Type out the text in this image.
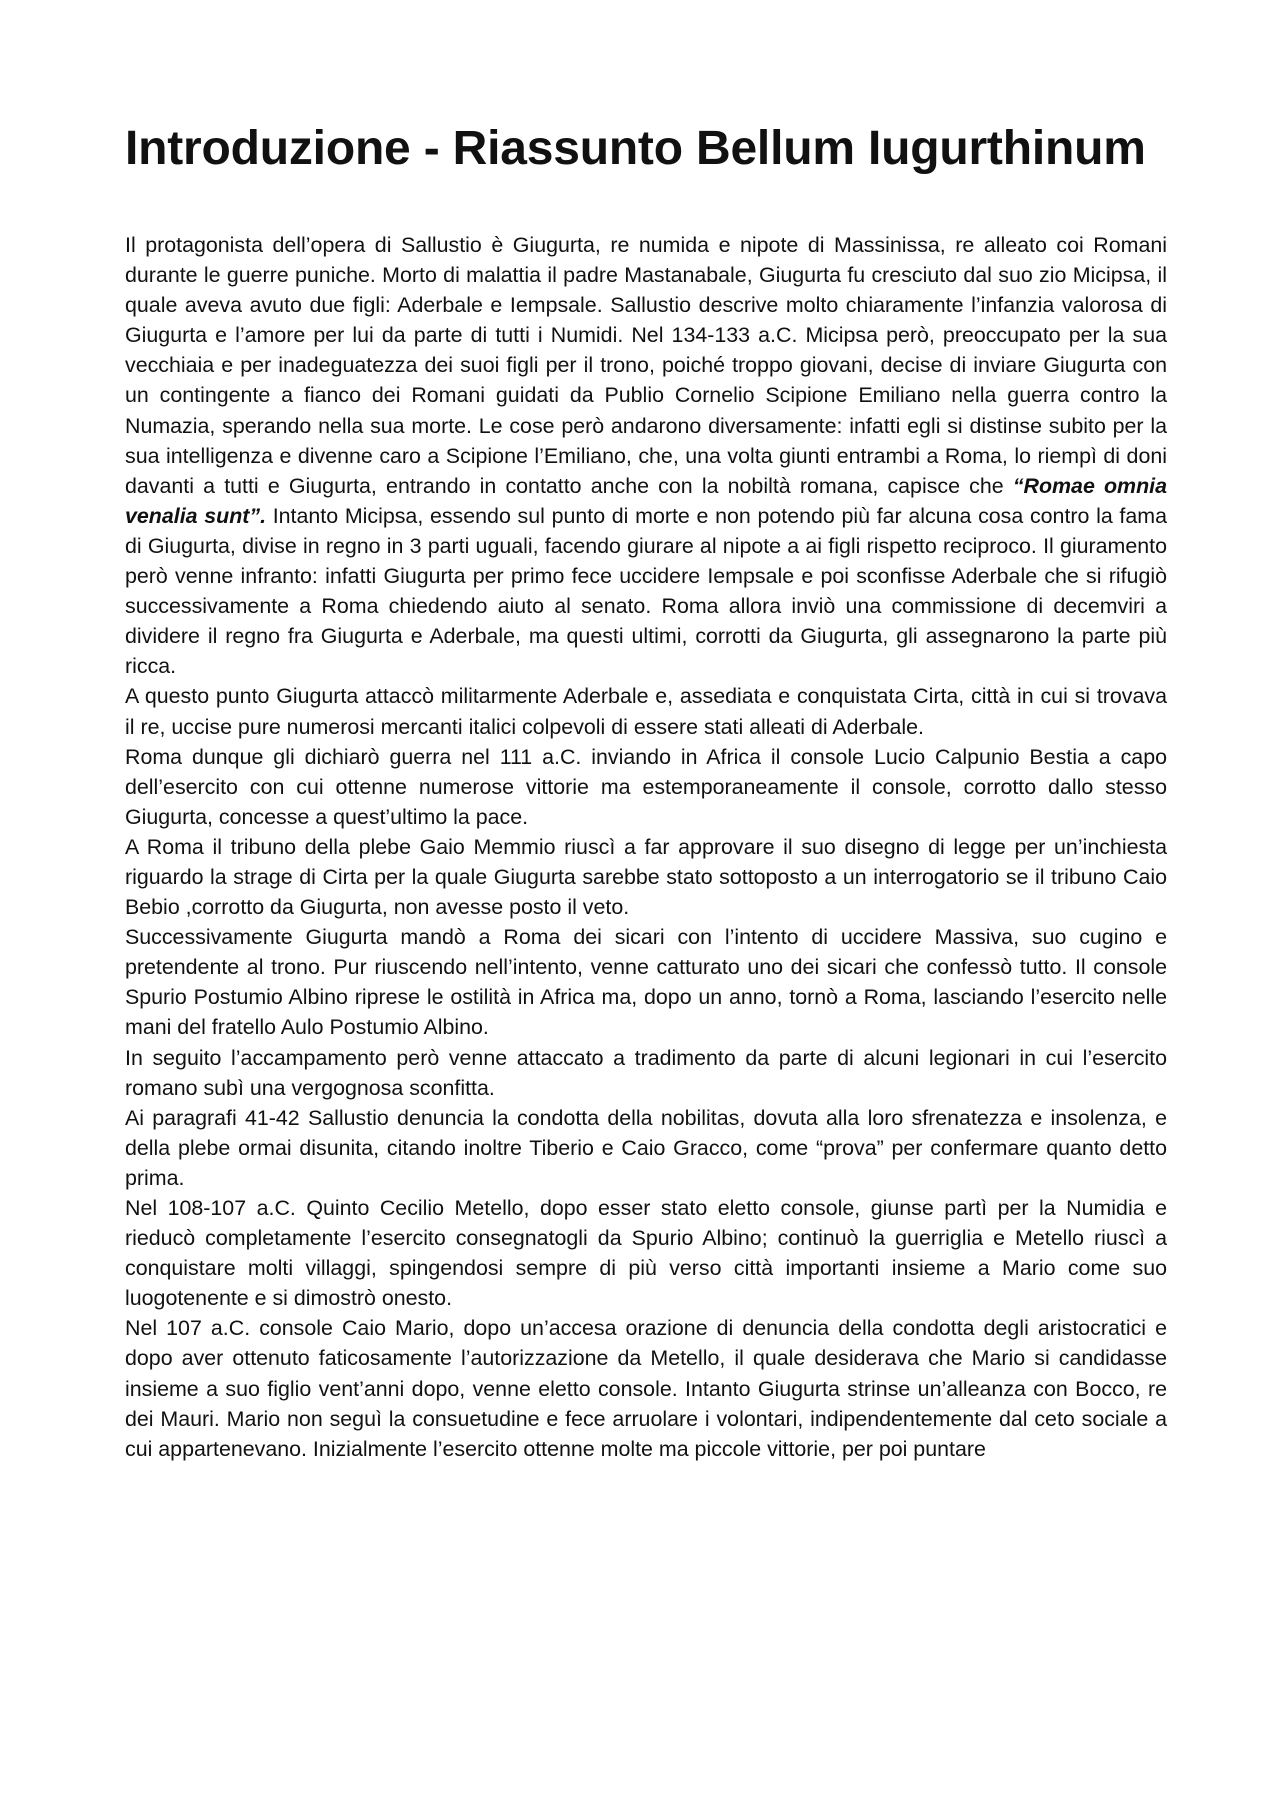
Introduzione - Riassunto Bellum Iugurthinum

Il protagonista dell’opera di Sallustio è Giugurta, re numida e nipote di Massinissa, re alleato coi Romani durante le guerre puniche. Morto di malattia il padre Mastanabale, Giugurta fu cresciuto dal suo zio Micipsa, il quale aveva avuto due figli: Aderbale e Iempsale. Sallustio descrive molto chiaramente l’infanzia valorosa di Giugurta e l’amore per lui da parte di tutti i Numidi. Nel 134-133 a.C. Micipsa però, preoccupato per la sua vecchiaia e per inadeguatezza dei suoi figli per il trono, poiché troppo giovani, decise di inviare Giugurta con un contingente a fianco dei Romani guidati da Publio Cornelio Scipione Emiliano nella guerra contro la Numazia, sperando nella sua morte. Le cose però andarono diversamente: infatti egli si distinse subito per la sua intelligenza e divenne caro a Scipione l’Emiliano, che, una volta giunti entrambi a Roma, lo riempì di doni davanti a tutti e Giugurta, entrando in contatto anche con la nobiltà romana, capisce che “Romae omnia venalia sunt”. Intanto Micipsa, essendo sul punto di morte e non potendo più far alcuna cosa contro la fama di Giugurta, divise in regno in 3 parti uguali, facendo giurare al nipote a ai figli rispetto reciproco. Il giuramento però venne infranto: infatti Giugurta per primo fece uccidere Iempsale e poi sconfisse Aderbale che si rifugiò successivamente a Roma chiedendo aiuto al senato. Roma allora inviò una commissione di decemviri a dividere il regno fra Giugurta e Aderbale, ma questi ultimi, corrotti da Giugurta, gli assegnarono la parte più ricca.

A questo punto Giugurta attaccò militarmente Aderbale e, assediata e conquistata Cirta, città in cui si trovava il re, uccise pure numerosi mercanti italici colpevoli di essere stati alleati di Aderbale.

Roma dunque gli dichiarò guerra nel 111 a.C. inviando in Africa il console Lucio Calpunio Bestia a capo dell’esercito con cui ottenne numerose vittorie ma estemporaneamente il console, corrotto dallo stesso Giugurta, concesse a quest’ultimo la pace.

A Roma il tribuno della plebe Gaio Memmio riuscì a far approvare il suo disegno di legge per un’inchiesta riguardo la strage di Cirta per la quale Giugurta sarebbe stato sottoposto a un interrogatorio se il tribuno Caio Bebio ,corrotto da Giugurta, non avesse posto il veto.

Successivamente Giugurta mandò a Roma dei sicari con l’intento di uccidere Massiva, suo cugino e pretendente al trono. Pur riuscendo nell’intento, venne catturato uno dei sicari che confessò tutto. Il console Spurio Postumio Albino riprese le ostilità in Africa ma, dopo un anno, tornò a Roma, lasciando l’esercito nelle mani del fratello Aulo Postumio Albino.

In seguito l’accampamento però venne attaccato a tradimento da parte di alcuni legionari in cui l’esercito romano subì una vergognosa sconfitta.

Ai paragrafi 41-42 Sallustio denuncia la condotta della nobilitas, dovuta alla loro sfrenatezza e insolenza, e della plebe ormai disunita, citando inoltre Tiberio e Caio Gracco, come “prova” per confermare quanto detto prima.

Nel 108-107 a.C. Quinto Cecilio Metello, dopo esser stato eletto console, giunse partì per la Numidia e rieducò completamente l’esercito consegnatogli da Spurio Albino; continuò la guerriglia e Metello riuscì a conquistare molti villaggi, spingendosi sempre di più verso città importanti insieme a Mario come suo luogotenente e si dimostrò onesto.

Nel 107 a.C. console Caio Mario, dopo un’accesa orazione di denuncia della condotta degli aristocratici e dopo aver ottenuto faticosamente l’autorizzazione da Metello, il quale desiderava che Mario si candidasse insieme a suo figlio vent’anni dopo, venne eletto console. Intanto Giugurta strinse un’alleanza con Bocco, re dei Mauri. Mario non seguì la consuetudine e fece arruolare i volontari, indipendentemente dal ceto sociale a cui appartenevano. Inizialmente l’esercito ottenne molte ma piccole vittorie, per poi puntare
